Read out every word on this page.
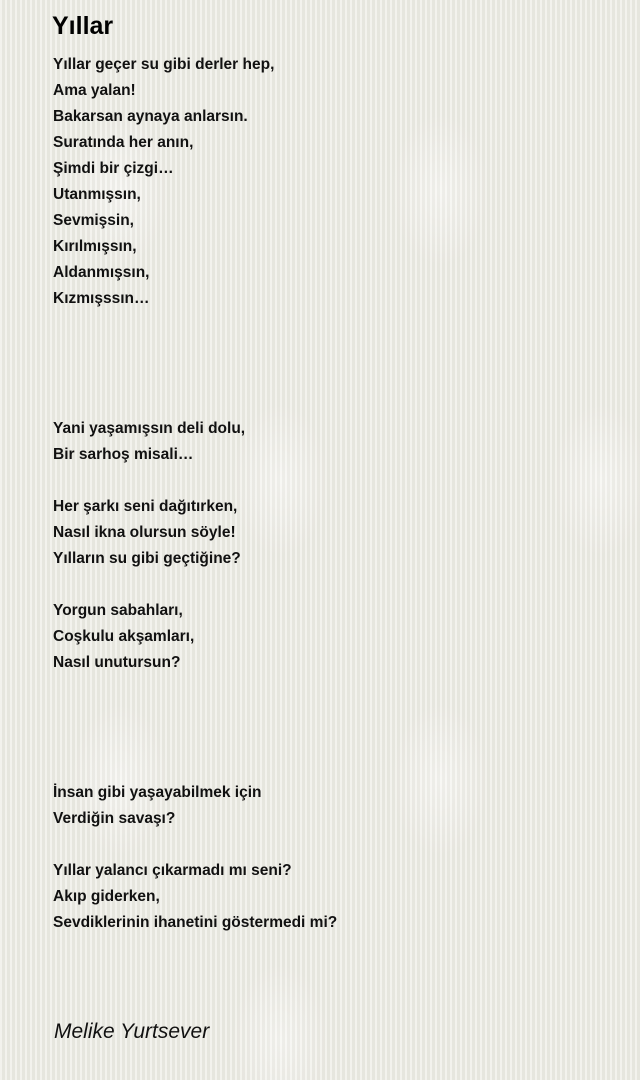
Yıllar
Yıllar geçer su gibi derler hep,
Ama yalan!
Bakarsan aynaya anlarsın.
Suratında her anın,
Şimdi bir çizgi…
Utanmışsın,
Sevmişsin,
Kırılmışsın,
Aldanmışsın,
Kızmışssın…
Yani yaşamışsın deli dolu,
Bir sarhoş misali…
Her şarkı seni dağıtırken,
Nasıl ikna olursun söyle!
Yılların su gibi geçtiğine?
Yorgun sabahları,
Coşkulu akşamları,
Nasıl unutursun?
İnsan gibi yaşayabilmek için
Verdiğin savaşı?
Yıllar yalancı çıkarmadı mı seni?
Akıp giderken,
Sevdiklerinin ihanetini göstermedi mi?
Melike Yurtsever
